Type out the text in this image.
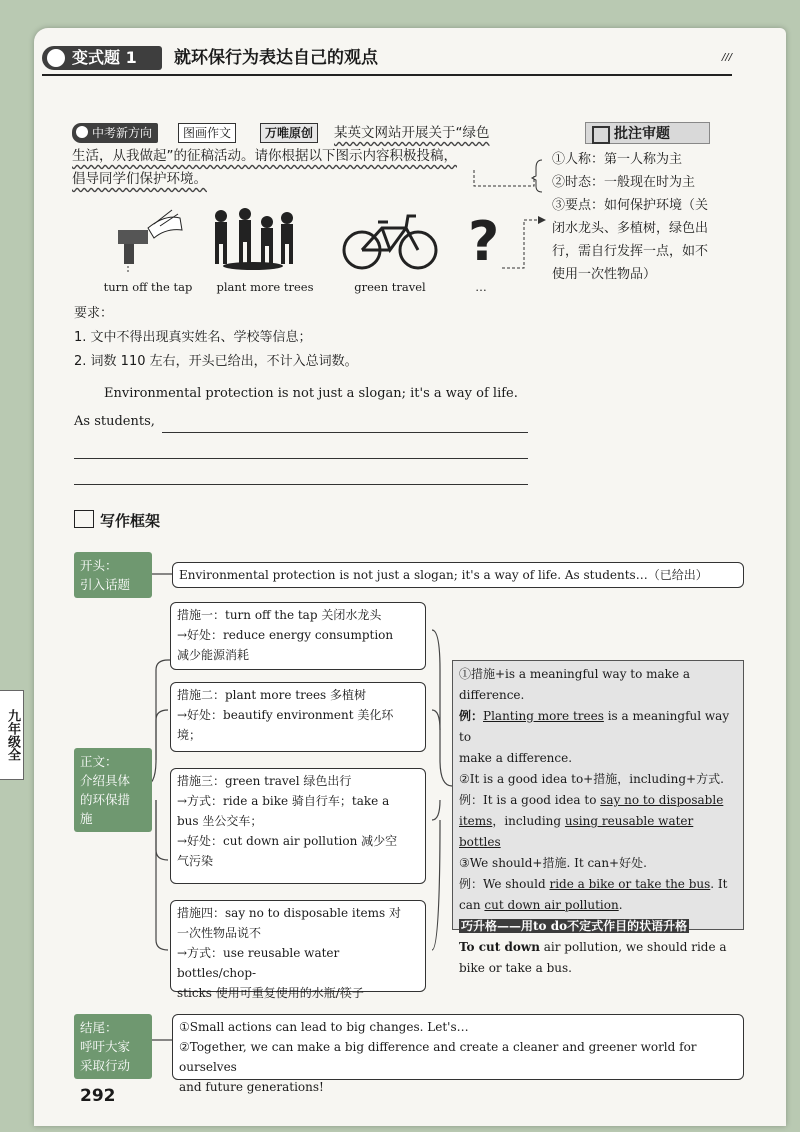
九年级全
变式题 1	就环保行为表达自己的观点	///
中考新方向	图画作文	万唯原创	某英文网站开展关于“绿色
生活，从我做起”的征稿活动。请你根据以下图示内容积极投稿，
倡导同学们保护环境。
批注审题
①人称：第一人称为主
②时态：一般现在时为主
③要点：如何保护环境（关
闭水龙头、多植树，绿色出
行，需自行发挥一点，如不
使用一次性物品）
?
turn off the tap	plant more trees	green travel	…
要求：
1. 文中不得出现真实姓名、学校等信息；
2. 词数 110 左右，开头已给出，不计入总词数。
Environmental protection is not just a slogan; it's a way of life.
As students,
写作框架
开头：
引入话题
Environmental protection is not just a slogan; it's a way of life. As students…（已给出）
正文：
介绍具体
的环保措
施
措施一：turn off the tap 关闭水龙头
→好处：reduce energy consumption
减少能源消耗
措施二：plant more trees 多植树
→好处：beautify environment 美化环
境；
措施三：green travel 绿色出行
→方式：ride a bike 骑自行车；take a
bus 坐公交车；
→好处：cut down air pollution 减少空
气污染
措施四：say no to disposable items 对
一次性物品说不
→方式：use reusable water bottles/chop-
sticks 使用可重复使用的水瓶/筷子
①措施+is a meaningful way to make a difference.
例：Planting more trees is a meaningful way to
make a difference.
②It is a good idea to+措施，including+方式.
例：It is a good idea to say no to disposable
items，including using reusable water bottles
③We should+措施. It can+好处.
例：We should ride a bike or take the bus. It
can cut down air pollution.
巧升格——用to do不定式作目的状语升格
To cut down air pollution, we should ride a
bike or take a bus.
结尾：
呼吁大家
采取行动
①Small actions can lead to big changes. Let's…
②Together, we can make a big difference and create a cleaner and greener world for ourselves
and future generations!
292
